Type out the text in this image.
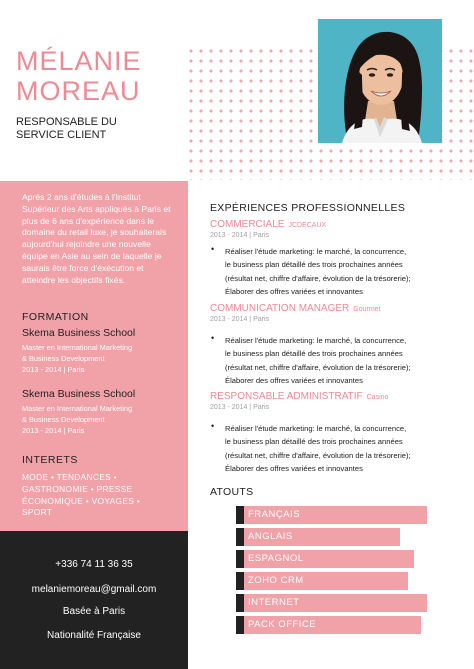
MÉLANIE
MOREAU
RESPONSABLE DU
SERVICE CLIENT
Après 2 ans d'études à l'Institut Supérieur des Arts appliqués à Paris et plus de 6 ans d'expérience dans le domaine du retail luxe, je souhaiterais aujourd'hui rejoindre une nouvelle équipe en Asie au sein de laquelle je saurais être force d'éxécution et atteindre les objectifs fixés.
FORMATION
Skema Business School
Master en International Marketing
& Business Development
2013 - 2014 | Paris
Skema Business School
Master en International Marketing
& Business Development
2013 - 2014 | Paris
INTERETS
MODE • TENDANCES •
GASTRONOMIE • PRESSE
ÉCONOMIQUE • VOYAGES •
SPORT
+336 74 11 36 35
melaniemoreau@gmail.com
Basée à Paris
Nationalité Française
EXPÉRIENCES PROFESSIONNELLES
COMMERCIALE JCDECAUX
2013 - 2014 | Paris
• Réaliser l'étude marketing: le marché, la concurrence,
le business plan détaillé des trois prochaines années
(résultat net, chiffre d'affaire, évolution de la trésorerie);
Élaborer des offres variées et innovantes
COMMUNICATION MANAGER Gourmet
2013 - 2014 | Paris
• Réaliser l'étude marketing: le marché, la concurrence,
le business plan détaillé des trois prochaines années
(résultat net, chiffre d'affaire, évolution de la trésorerie);
Élaborer des offres variées et innovantes
RESPONSABLE ADMINISTRATIF Casino
2013 - 2014 | Paris
• Réaliser l'étude marketing: le marché, la concurrence,
le business plan détaillé des trois prochaines années
(résultat net, chiffre d'affaire, évolution de la trésorerie);
Élaborer des offres variées et innovantes
ATOUTS
FRANÇAIS
ANGLAIS
ESPAGNOL
ZOHO CRM
INTERNET
PACK OFFICE
